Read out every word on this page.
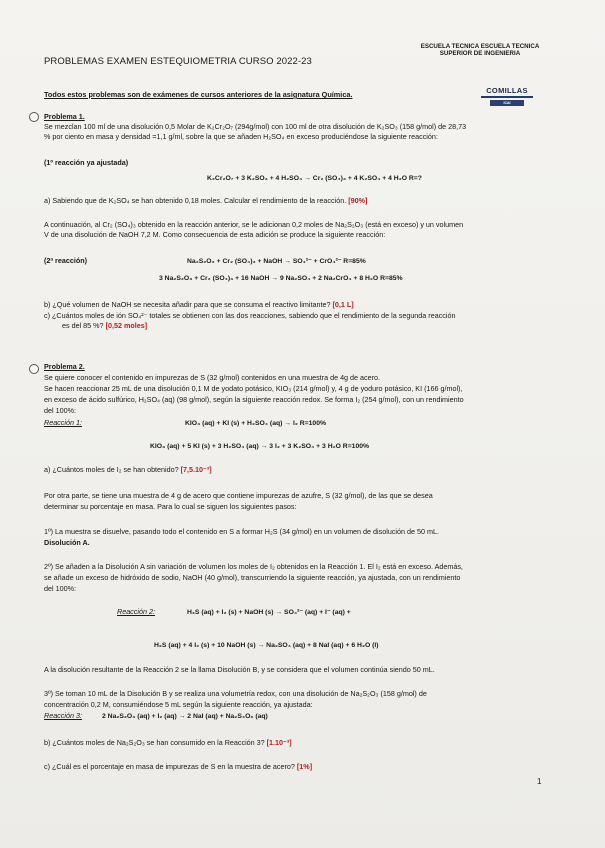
PROBLEMAS EXAMEN ESTEQUIOMETRIA CURSO 2022-23
ESCUELA TECNICA ESCUELA TECNICA
SUPERIOR DE INGENIERIA
Todos estos problemas son de exámenes de cursos anteriores de la asignatura Química.	COMILLAS
ICAI
Problema 1.
Se mezclan 100 ml de una disolución 0,5 Molar de K₂Cr₂O₇ (294g/mol) con 100 ml de otra disolución de K₂SO₃ (158 g/mol) de 28,73
% por ciento en masa y densidad =1,1 g/ml, sobre la que se añaden H₂SO₄ en exceso produciéndose la siguiente reacción:
(1º reacción ya ajustada)
K₂Cr₂O₇ + 3 K₂SO₃ + 4 H₂SO₄ → Cr₂ (SO₄)₃ + 4 K₂SO₄ + 4 H₂O R=?
a) Sabiendo que de K₂SO₄ se han obtenido 0,18 moles. Calcular el rendimiento de la reacción. [90%]
A continuación, al Cr₂ (SO₄)₃ obtenido en la reacción anterior, se le adicionan 0,2 moles de Na₂S₂O₃ (está en exceso) y un volumen
V de una disolución de NaOH 7,2 M. Como consecuencia de esta adición se produce la siguiente reacción:
(2ª reacción)	Na₂S₂O₃ + Cr₂ (SO₄)₃ + NaOH → SO₄²⁻ + CrO₄²⁻ R=85%
3 Na₂S₂O₃ + Cr₂ (SO₄)₃ + 16 NaOH → 9 Na₂SO₄ + 2 Na₂CrO₄ + 8 H₂O R=85%
b) ¿Qué volumen de NaOH se necesita añadir para que se consuma el reactivo limitante? [0,1 L]
c) ¿Cuántos moles de ión SO₄²⁻ totales se obtienen con las dos reacciones, sabiendo que el rendimiento de la segunda reacción
es del 85 %? [0,52 moles]
Problema 2.
Se quiere conocer el contenido en impurezas de S (32 g/mol) contenidos en una muestra de 4g de acero.
Se hacen reaccionar 25 mL de una disolución 0,1 M de yodato potásico, KIO₃ (214 g/mol) y, 4 g de yoduro potásico, KI (166 g/mol),
en exceso de ácido sulfúrico, H₂SO₄ (aq) (98 g/mol), según la siguiente reacción redox. Se forma I₂ (254 g/mol), con un rendimiento
del 100%:
Reacción 1:	KIO₃ (aq) + KI (s) + H₂SO₄ (aq) → I₂ R=100%
KIO₃ (aq) + 5 KI (s) + 3 H₂SO₄ (aq) → 3 I₂ + 3 K₂SO₄ + 3 H₂O R=100%
a) ¿Cuántos moles de I₂ se han obtenido? [7,5.10⁻³]
Por otra parte, se tiene una muestra de 4 g de acero que contiene impurezas de azufre, S (32 g/mol), de las que se desea
determinar su porcentaje en masa. Para lo cual se siguen los siguientes pasos:
1º) La muestra se disuelve, pasando todo el contenido en S a formar H₂S (34 g/mol) en un volumen de disolución de 50 mL.
Disolución A.
2º) Se añaden a la Disolución A sin variación de volumen los moles de I₂ obtenidos en la Reacción 1. El I₂ está en exceso. Además,
se añade un exceso de hidróxido de sodio, NaOH (40 g/mol), transcurriendo la siguiente reacción, ya ajustada, con un rendimiento
del 100%:
Reacción 2:	H₂S (aq) + I₂ (s) + NaOH (s) → SO₄²⁻ (aq) + I⁻ (aq) +
H₂S (aq) + 4 I₂ (s) + 10 NaOH (s) → Na₂SO₄ (aq) + 8 NaI (aq) + 6 H₂O (l)
A la disolución resultante de la Reacción 2 se la llama Disolución B, y se considera que el volumen continúa siendo 50 mL.
3º) Se toman 10 mL de la Disolución B y se realiza una volumetría redox, con una disolución de Na₂S₂O₃ (158 g/mol) de
concentración 0,2 M, consumiéndose 5 mL según la siguiente reacción, ya ajustada:
Reacción 3:	2 Na₂S₂O₃ (aq) + I₂ (aq) → 2 NaI (aq) + Na₂S₄O₆ (aq)
b) ¿Cuántos moles de Na₂S₂O₃ se han consumido en la Reacción 3? [1.10⁻³]
c) ¿Cuál es el porcentaje en masa de impurezas de S en la muestra de acero? [1%]
1
